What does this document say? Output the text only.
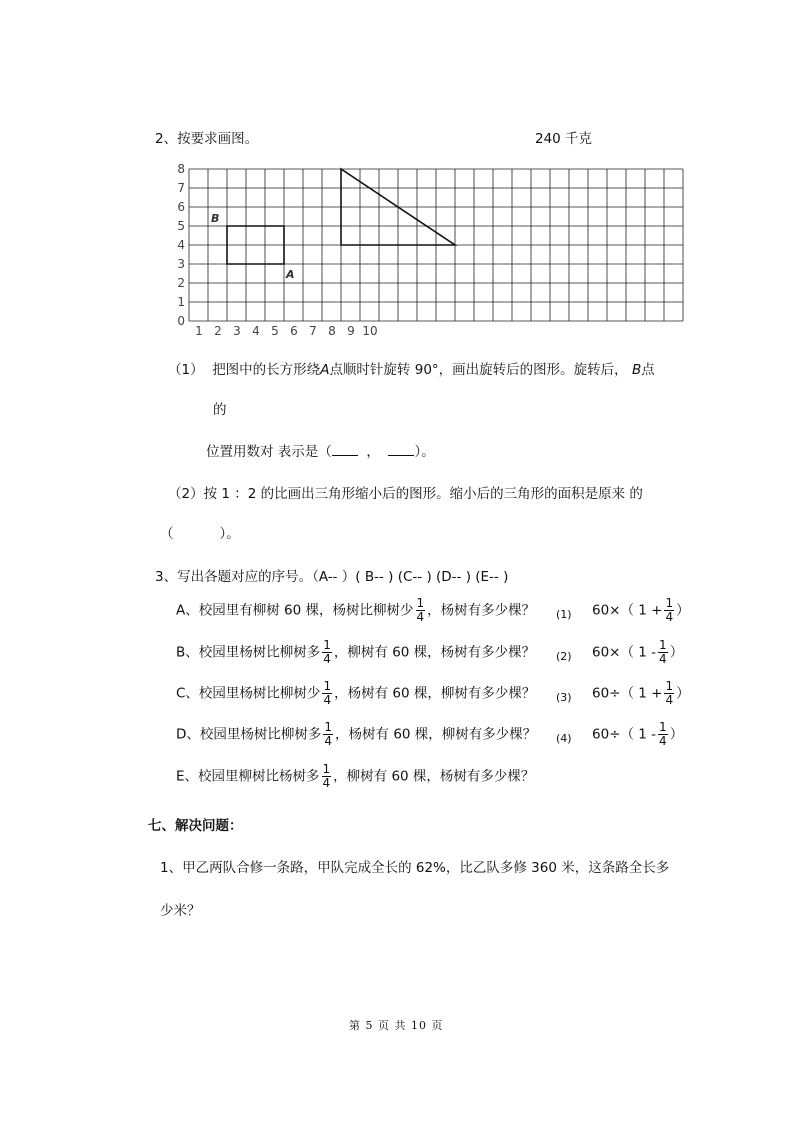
2、按要求画图。	240 千克
0
1
2
3
4
5
6
7
8
1 2 3 4 5 6 7 8 9 10
B
A
（1） 把图中的长方形绕A点顺时针旋转 90°，画出旋转后的图形。旋转后， B点
的
位置用数对 表示是（	，	）。
（2）按 1 ：2 的比画出三角形缩小后的图形。缩小后的三角形的面积是原来 的
（	）。
3、写出各题对应的序号。（A-- ）( B-- ) (C-- ) (D-- ) (E-- )
A、校园里有柳树 60 棵，杨树比柳树少 $\frac{1}{4}$ ，杨树有多少棵？
B、校园里杨树比柳树多 $\frac{1}{4}$ ，柳树有 60 棵，杨树有多少棵？
C、校园里杨树比柳树少 $\frac{1}{4}$ ，杨树有 60 棵，柳树有多少棵？
D、校园里杨树比柳树多 $\frac{1}{4}$ ，杨树有 60 棵，柳树有多少棵？
E、校园里柳树比杨树多 $\frac{1}{4}$ ，柳树有 60 棵，杨树有多少棵？
(1) 60×（ $1 + \frac{1}{4}$ ）
(2) 60×（ $1 - \frac{1}{4}$ ）
(3) 60÷（ $1 + \frac{1}{4}$ ）
(4) 60÷（ $1 - \frac{1}{4}$ ）
七、解决问题：
1、甲乙两队合修一条路，甲队完成全长的 62%，比乙队多修 360 米，这条路全长多
少米？
第 5 页 共 10 页
